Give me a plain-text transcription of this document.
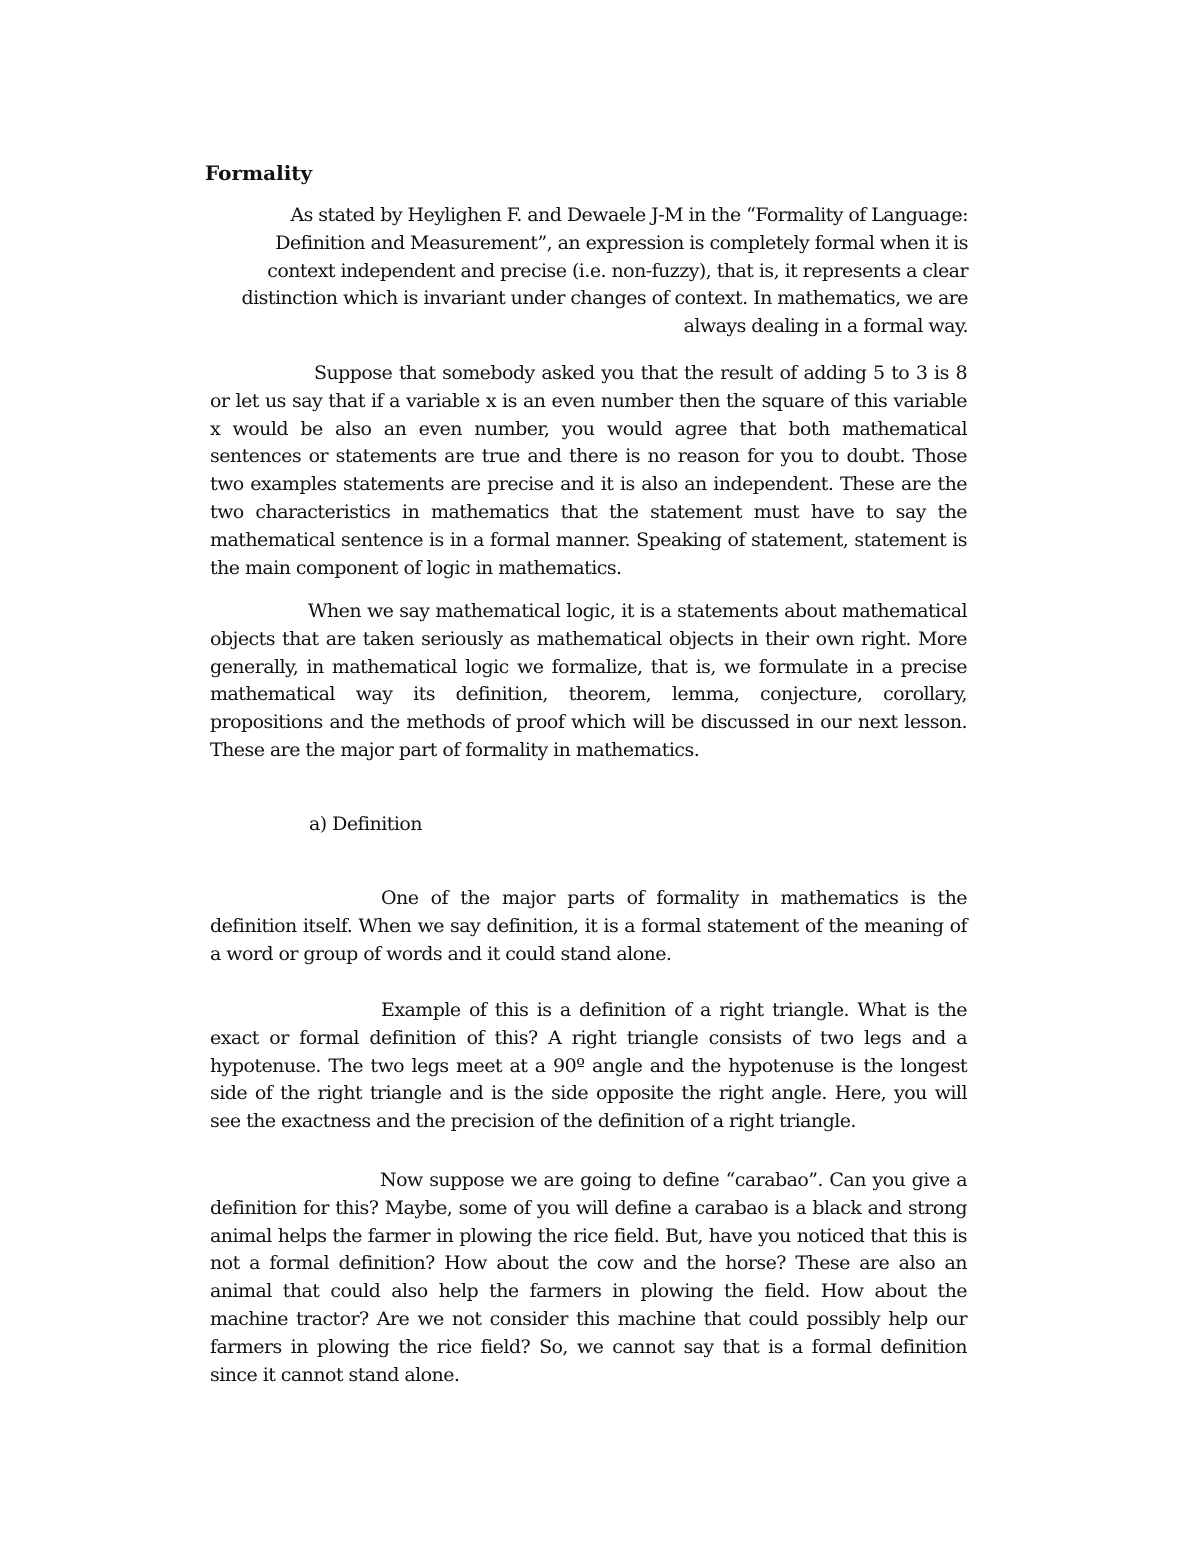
Formality

As stated by Heylighen F. and Dewaele J-M in the “Formality of Language: Definition and Measurement”, an expression is completely formal when it is context independent and precise (i.e. non-fuzzy), that is, it represents a clear distinction which is invariant under changes of context. In mathematics, we are always dealing in a formal way.

Suppose that somebody asked you that the result of adding 5 to 3 is 8 or let us say that if a variable x is an even number then the square of this variable x would be also an even number, you would agree that both mathematical sentences or statements are true and there is no reason for you to doubt. Those two examples statements are precise and it is also an independent. These are the two characteristics in mathematics that the statement must have to say the mathematical sentence is in a formal manner. Speaking of statement, statement is the main component of logic in mathematics.

When we say mathematical logic, it is a statements about mathematical objects that are taken seriously as mathematical objects in their own right. More generally, in mathematical logic we formalize, that is, we formulate in a precise mathematical way its definition, theorem, lemma, conjecture, corollary, propositions and the methods of proof which will be discussed in our next lesson. These are the major part of formality in mathematics.

a) Definition

One of the major parts of formality in mathematics is the definition itself. When we say definition, it is a formal statement of the meaning of a word or group of words and it could stand alone.

Example of this is a definition of a right triangle. What is the exact or formal definition of this? A right triangle consists of two legs and a hypotenuse. The two legs meet at a 90º angle and the hypotenuse is the longest side of the right triangle and is the side opposite the right angle. Here, you will see the exactness and the precision of the definition of a right triangle.

Now suppose we are going to define “carabao”. Can you give a definition for this? Maybe, some of you will define a carabao is a black and strong animal helps the farmer in plowing the rice field. But, have you noticed that this is not a formal definition? How about the cow and the horse? These are also an animal that could also help the farmers in plowing the field. How about the machine tractor? Are we not consider this machine that could possibly help our farmers in plowing the rice field? So, we cannot say that is a formal definition since it cannot stand alone.
